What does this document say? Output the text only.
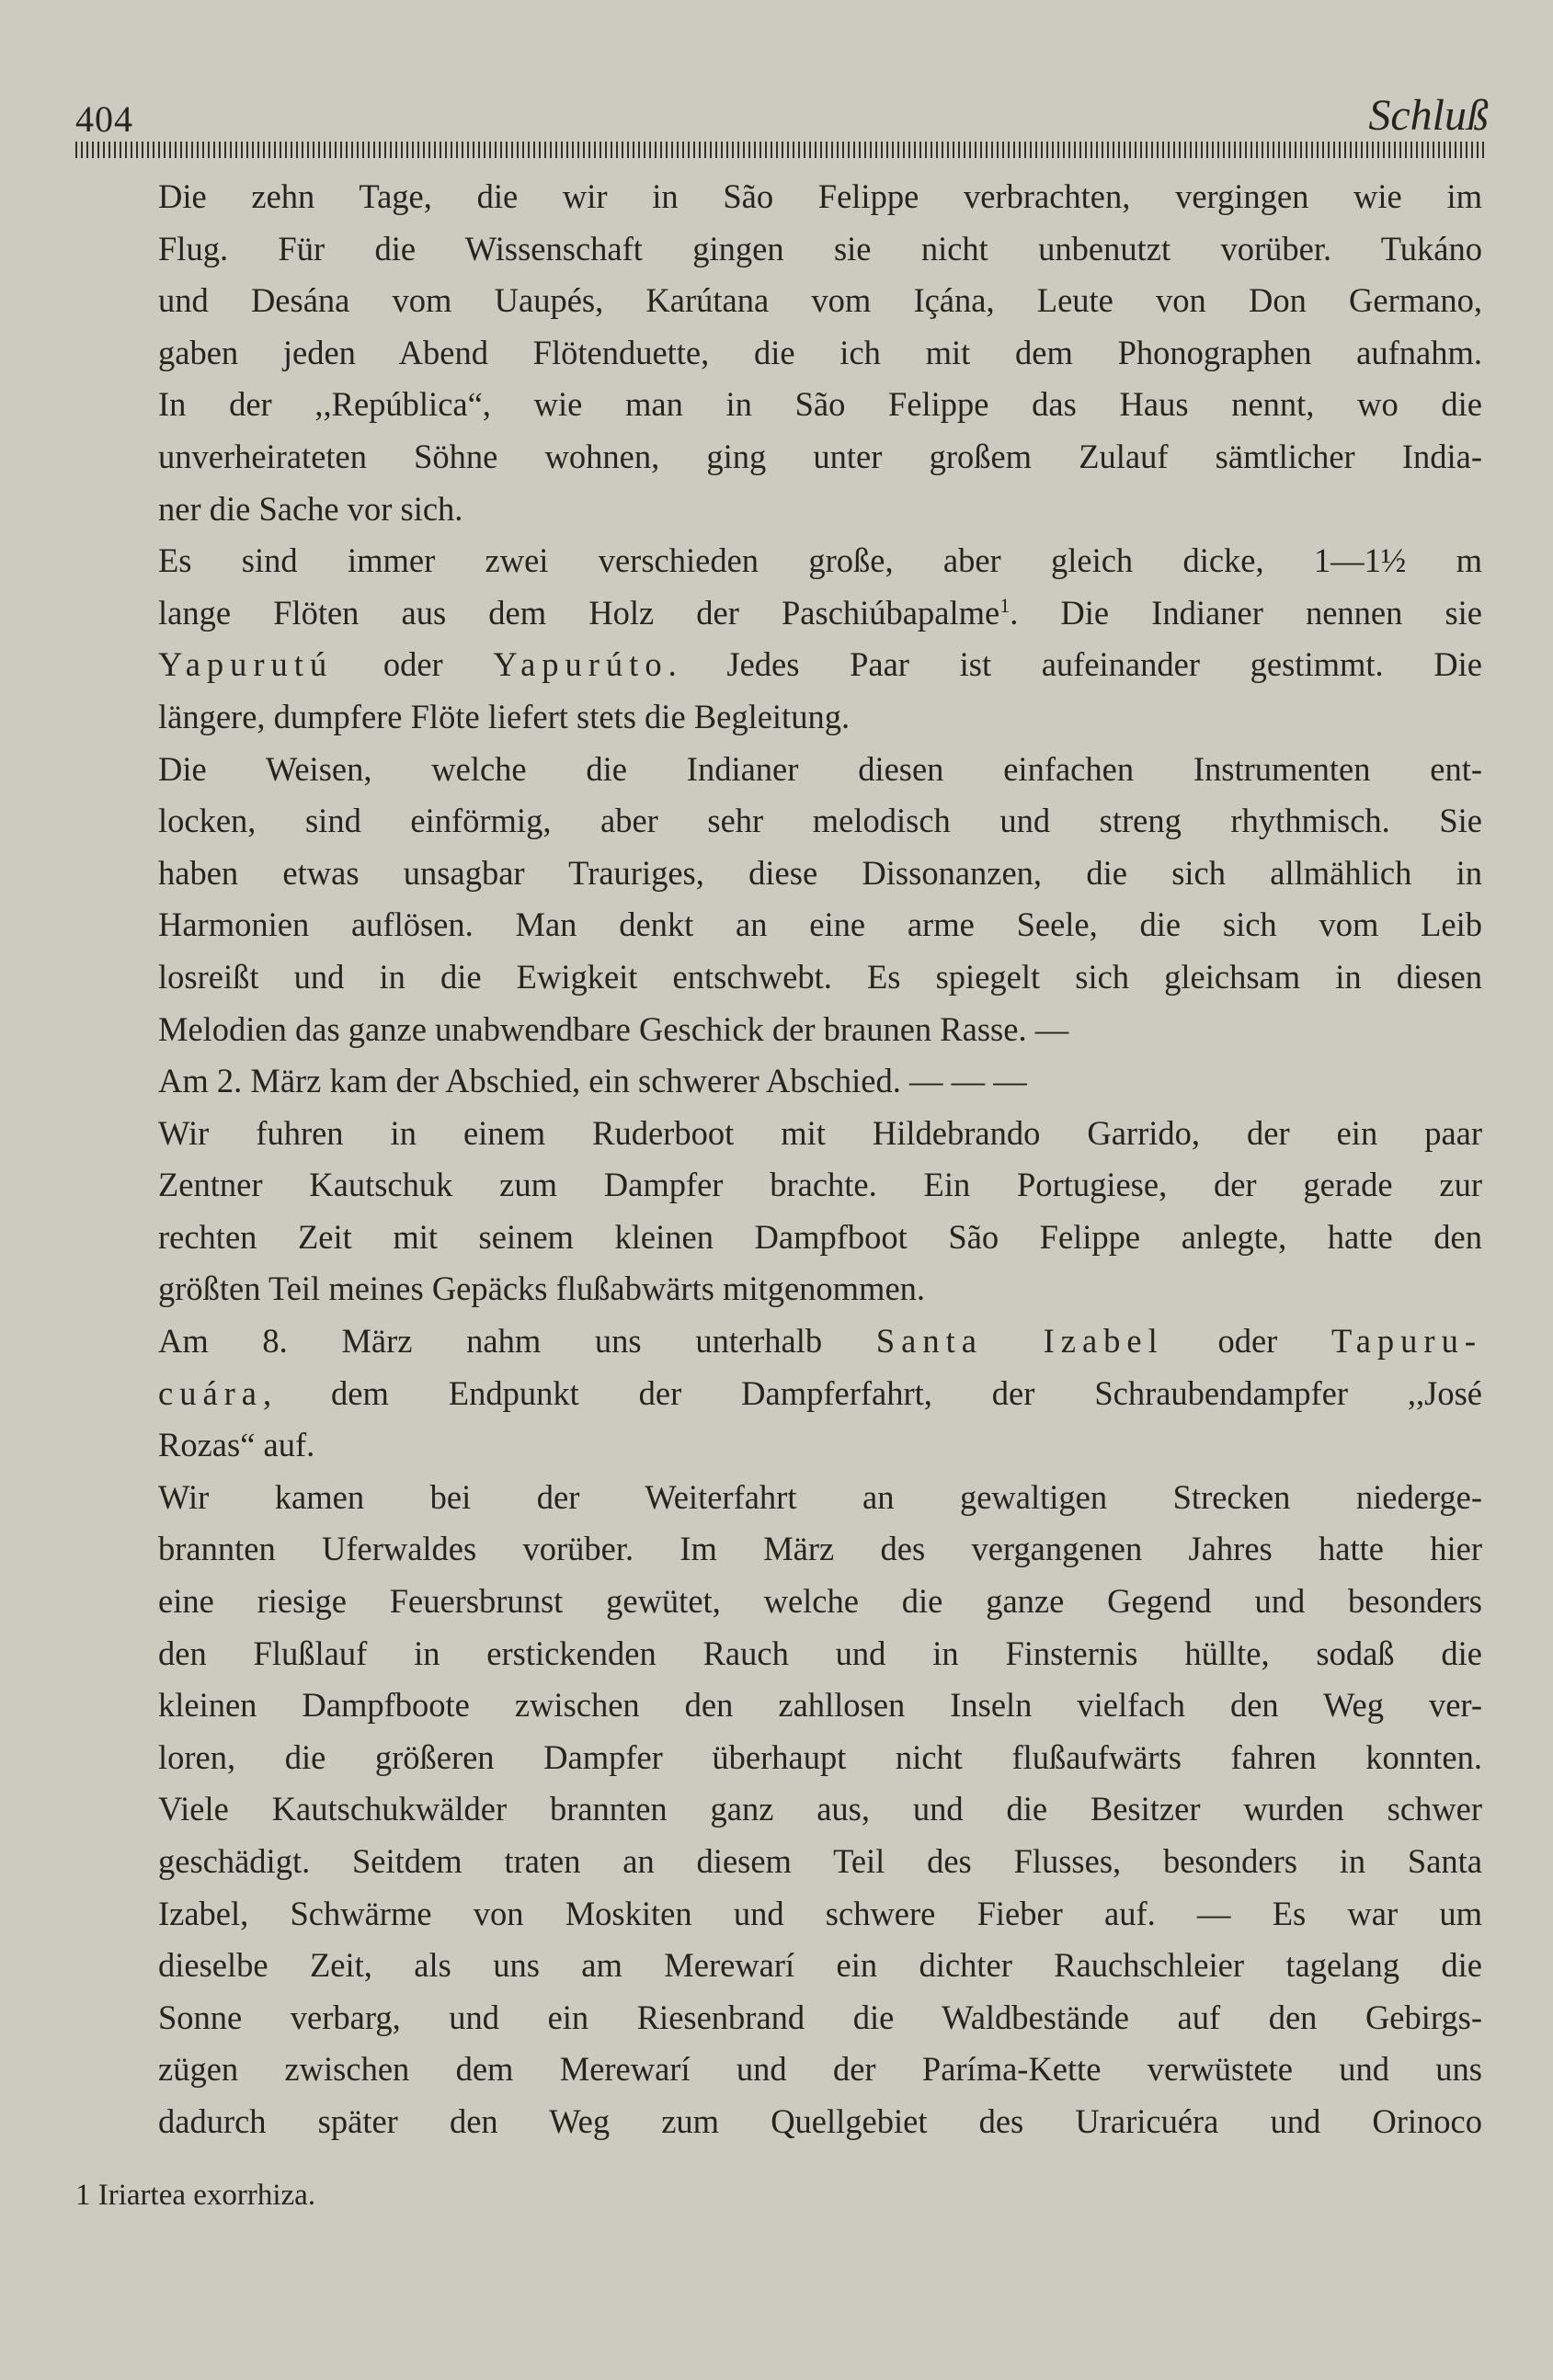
404	Schluß

Die zehn Tage, die wir in São Felippe verbrachten, vergingen wie im
Flug. Für die Wissenschaft gingen sie nicht unbenutzt vorüber. Tukáno
und Desána vom Uaupés, Karútana vom Içána, Leute von Don Germano,
gaben jeden Abend Flötenduette, die ich mit dem Phonographen aufnahm.
In der ,,República“, wie man in São Felippe das Haus nennt, wo die
unverheirateten Söhne wohnen, ging unter großem Zulauf sämtlicher India-
ner die Sache vor sich.

Es sind immer zwei verschieden große, aber gleich dicke, 1—1½ m
lange Flöten aus dem Holz der Paschiúbapalme$^1$. Die Indianer nennen sie
Yapurutú oder Yapurúto. Jedes Paar ist aufeinander gestimmt. Die
längere, dumpfere Flöte liefert stets die Begleitung.

Die Weisen, welche die Indianer diesen einfachen Instrumenten ent-
locken, sind einförmig, aber sehr melodisch und streng rhythmisch. Sie
haben etwas unsagbar Trauriges, diese Dissonanzen, die sich allmählich in
Harmonien auflösen. Man denkt an eine arme Seele, die sich vom Leib
losreißt und in die Ewigkeit entschwebt. Es spiegelt sich gleichsam in diesen
Melodien das ganze unabwendbare Geschick der braunen Rasse. —

Am 2. März kam der Abschied, ein schwerer Abschied. — — —

Wir fuhren in einem Ruderboot mit Hildebrando Garrido, der ein paar
Zentner Kautschuk zum Dampfer brachte. Ein Portugiese, der gerade zur
rechten Zeit mit seinem kleinen Dampfboot São Felippe anlegte, hatte den
größten Teil meines Gepäcks flußabwärts mitgenommen.

Am 8. März nahm uns unterhalb Santa Izabel oder Tapuru-
cuára, dem Endpunkt der Dampferfahrt, der Schraubendampfer ,,José
Rozas“ auf.

Wir kamen bei der Weiterfahrt an gewaltigen Strecken niederge-
brannten Uferwaldes vorüber. Im März des vergangenen Jahres hatte hier
eine riesige Feuersbrunst gewütet, welche die ganze Gegend und besonders
den Flußlauf in erstickenden Rauch und in Finsternis hüllte, sodaß die
kleinen Dampfboote zwischen den zahllosen Inseln vielfach den Weg ver-
loren, die größeren Dampfer überhaupt nicht flußaufwärts fahren konnten.
Viele Kautschukwälder brannten ganz aus, und die Besitzer wurden schwer
geschädigt. Seitdem traten an diesem Teil des Flusses, besonders in Santa
Izabel, Schwärme von Moskiten und schwere Fieber auf. — Es war um
dieselbe Zeit, als uns am Merewarí ein dichter Rauchschleier tagelang die
Sonne verbarg, und ein Riesenbrand die Waldbestände auf den Gebirgs-
zügen zwischen dem Merewarí und der Paríma-Kette verwüstete und uns
dadurch später den Weg zum Quellgebiet des Uraricuéra und Orinoco

1 Iriartea exorrhiza.
